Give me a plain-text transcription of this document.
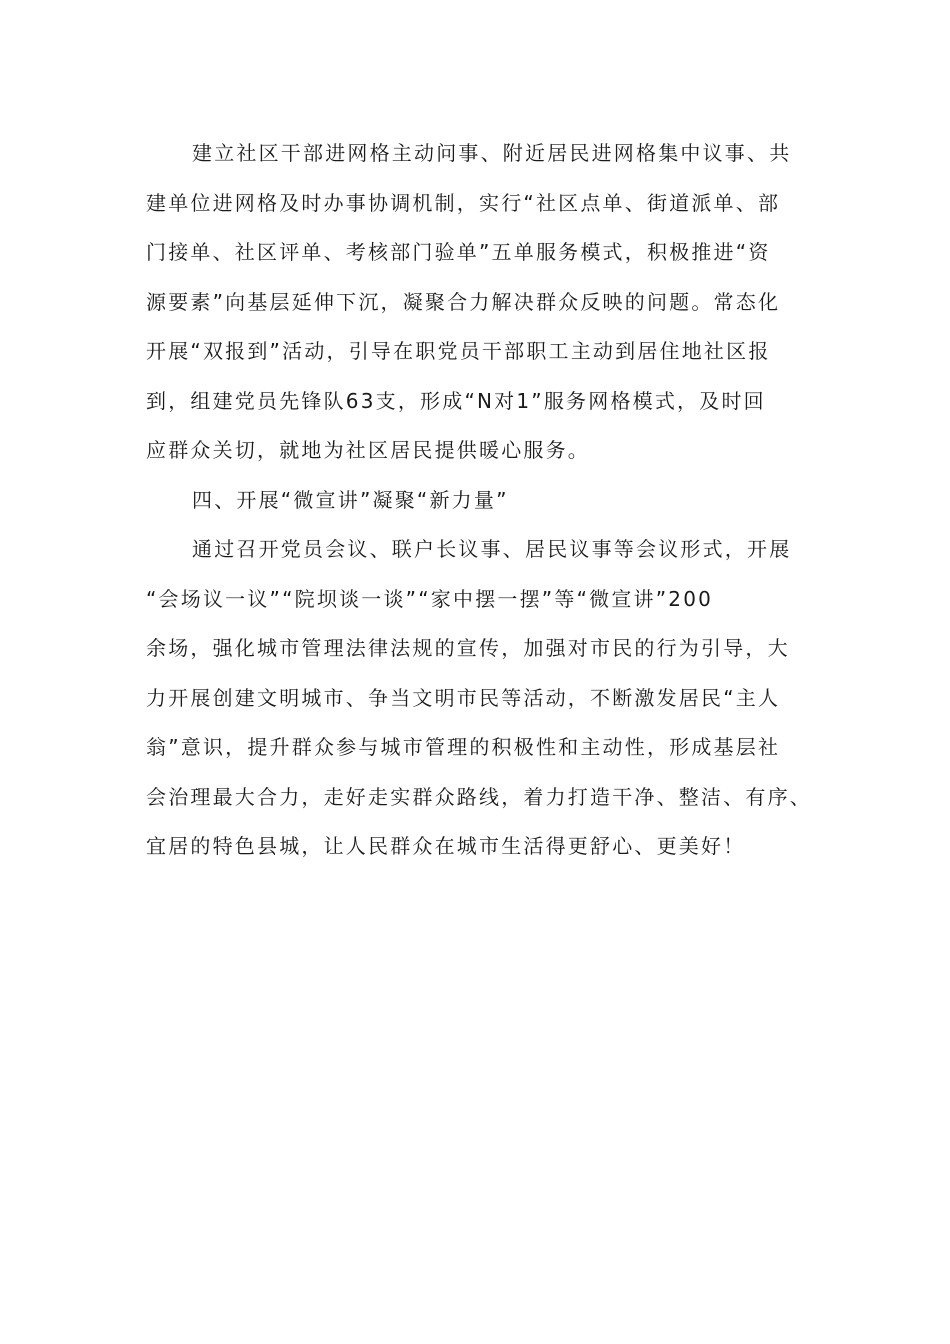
建立社区干部进网格主动问事、附近居民进网格集中议事、共
建单位进网格及时办事协调机制，实行“社区点单、街道派单、部
门接单、社区评单、考核部门验单”五单服务模式，积极推进“资
源要素”向基层延伸下沉，凝聚合力解决群众反映的问题。常态化
开展“双报到”活动，引导在职党员干部职工主动到居住地社区报
到，组建党员先锋队63支，形成“N对1”服务网格模式，及时回
应群众关切，就地为社区居民提供暖心服务。
四、开展“微宣讲”凝聚“新力量”
通过召开党员会议、联户长议事、居民议事等会议形式，开展
“会场议一议”“院坝谈一谈”“家中摆一摆”等“微宣讲”200
余场，强化城市管理法律法规的宣传，加强对市民的行为引导，大
力开展创建文明城市、争当文明市民等活动，不断激发居民“主人
翁”意识，提升群众参与城市管理的积极性和主动性，形成基层社
会治理最大合力，走好走实群众路线，着力打造干净、整洁、有序、
宜居的特色县城，让人民群众在城市生活得更舒心、更美好！
